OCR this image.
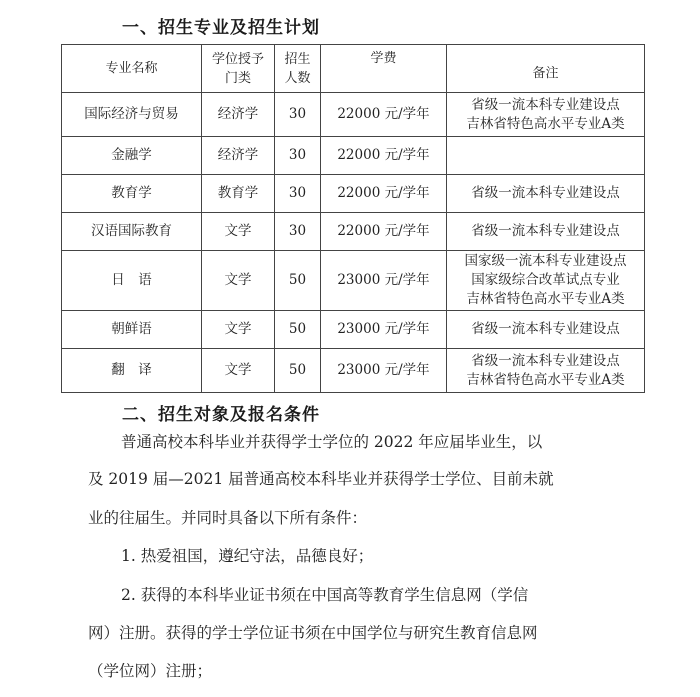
一、招生专业及招生计划
专业名称	学位授予门类	招生人数	学费	备注
国际经济与贸易	经济学	30	22000 元/学年	省级一流本科专业建设点
吉林省特色高水平专业A类

金融学	经济学	30	22000 元/学年	
教育学	教育学	30	22000 元/学年	省级一流本科专业建设点

汉语国际教育	文学	30	22000 元/学年	省级一流本科专业建设点

日　语	文学	50	23000 元/学年	国家级一流本科专业建设点
国家级综合改革试点专业
吉林省特色高水平专业A类

朝鲜语	文学	50	23000 元/学年	省级一流本科专业建设点

翻　译	文学	50	23000 元/学年	省级一流本科专业建设点
吉林省特色高水平专业A类
二、招生对象及报名条件
普通高校本科毕业并获得学士学位的 2022 年应届毕业生，以
及 2019 届—2021 届普通高校本科毕业并获得学士学位、目前未就
业的往届生。并同时具备以下所有条件：
1. 热爱祖国，遵纪守法，品德良好；
2. 获得的本科毕业证书须在中国高等教育学生信息网（学信
网）注册。获得的学士学位证书须在中国学位与研究生教育信息网
（学位网）注册；
